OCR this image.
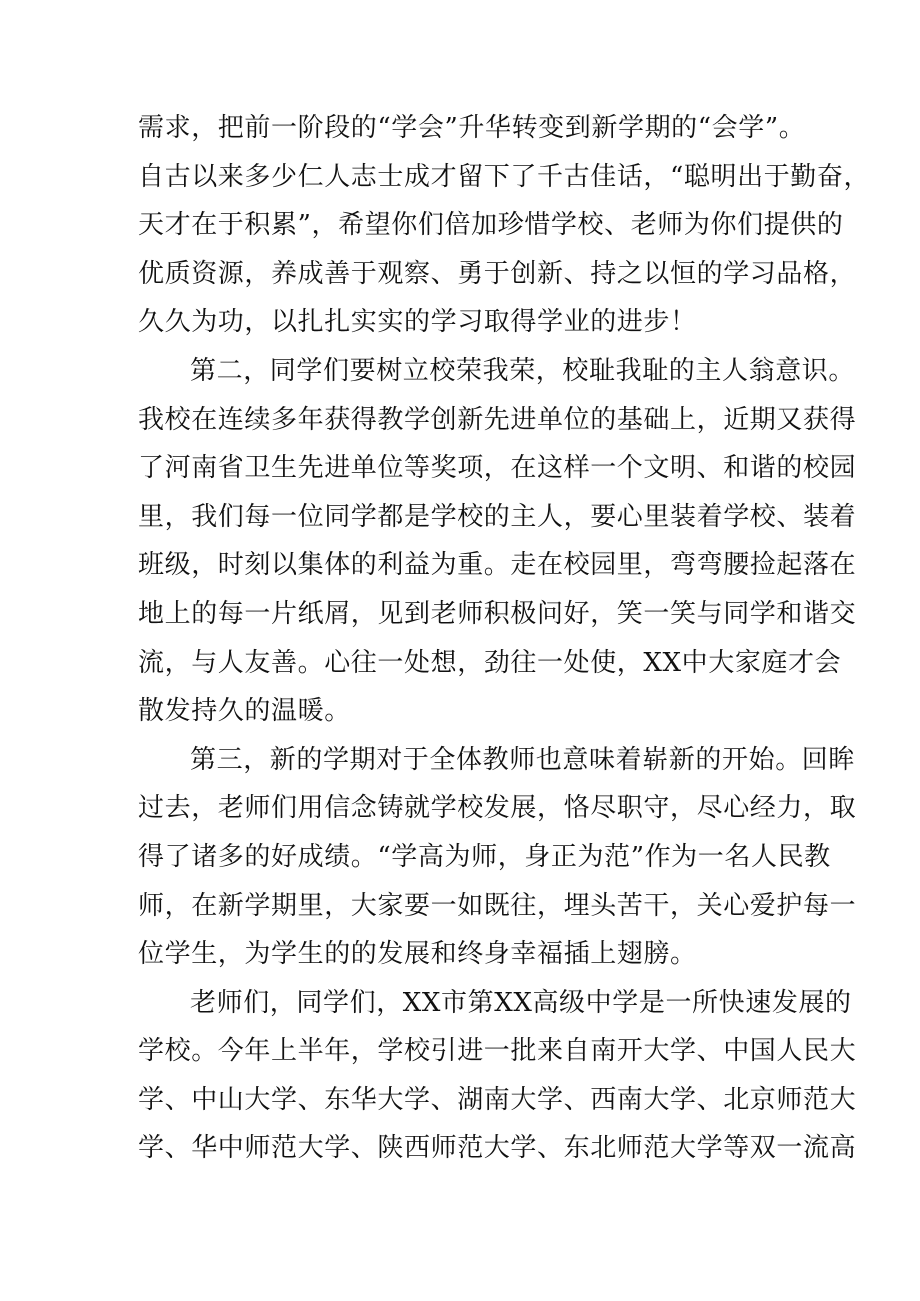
需求，把前一阶段的“学会”升华转变到新学期的“会学”。
自古以来多少仁人志士成才留下了千古佳话，“聪明出于勤奋，
天才在于积累”，希望你们倍加珍惜学校、老师为你们提供的
优质资源，养成善于观察、勇于创新、持之以恒的学习品格，
久久为功，以扎扎实实的学习取得学业的进步！
第二，同学们要树立校荣我荣，校耻我耻的主人翁意识。
我校在连续多年获得教学创新先进单位的基础上，近期又获得
了河南省卫生先进单位等奖项，在这样一个文明、和谐的校园
里，我们每一位同学都是学校的主人，要心里装着学校、装着
班级，时刻以集体的利益为重。走在校园里，弯弯腰捡起落在
地上的每一片纸屑，见到老师积极问好，笑一笑与同学和谐交
流，与人友善。心往一处想，劲往一处使，XX中大家庭才会
散发持久的温暖。
第三，新的学期对于全体教师也意味着崭新的开始。回眸
过去，老师们用信念铸就学校发展，恪尽职守，尽心经力，取
得了诸多的好成绩。“学高为师，身正为范”作为一名人民教
师，在新学期里，大家要一如既往，埋头苦干，关心爱护每一
位学生，为学生的的发展和终身幸福插上翅膀。
老师们，同学们，XX市第XX高级中学是一所快速发展的
学校。今年上半年，学校引进一批来自南开大学、中国人民大
学、中山大学、东华大学、湖南大学、西南大学、北京师范大
学、华中师范大学、陕西师范大学、东北师范大学等双一流高
